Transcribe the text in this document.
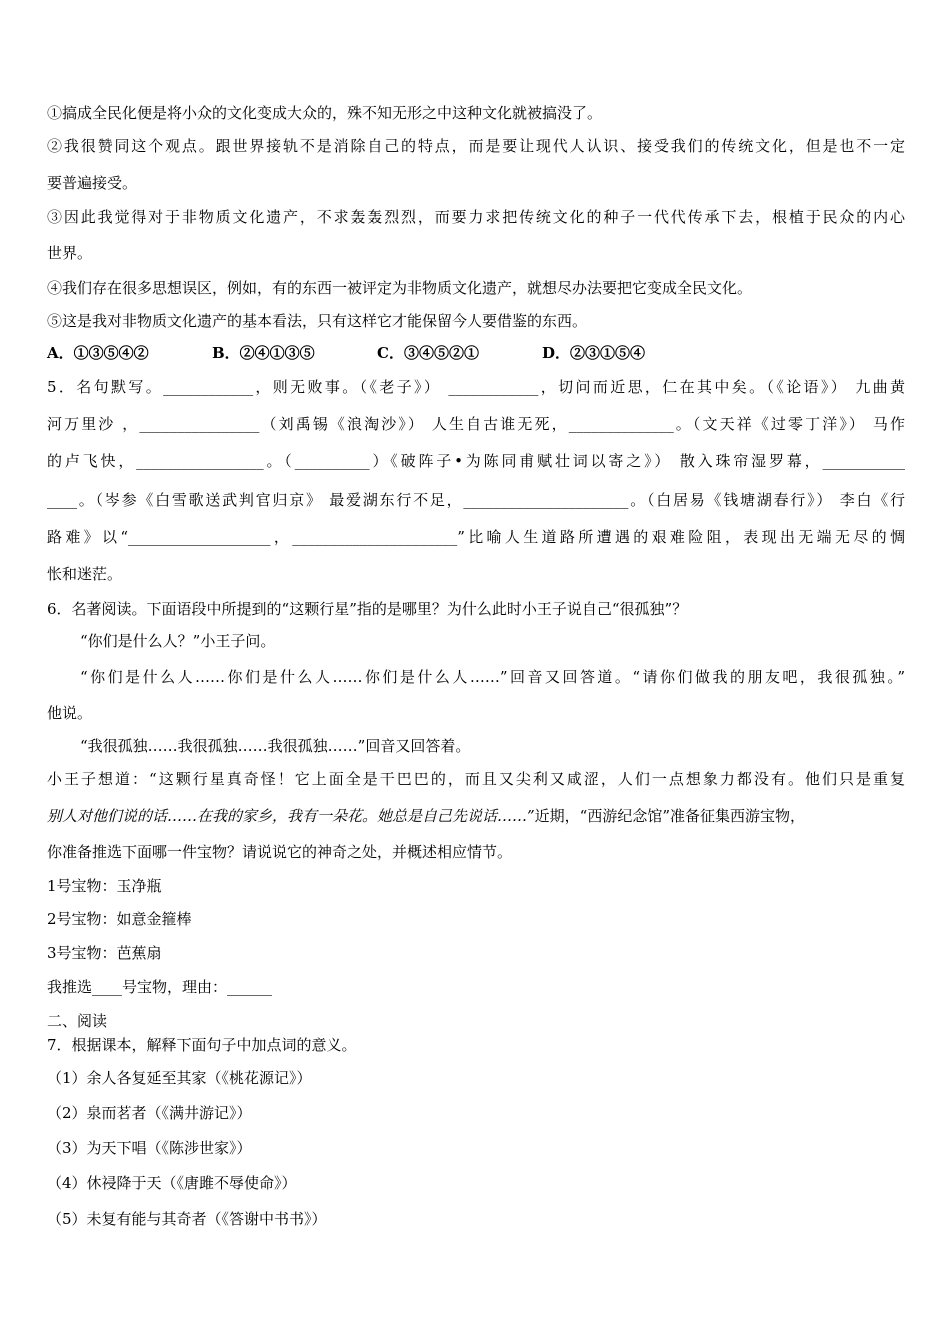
①搞成全民化便是将小众的文化变成大众的，殊不知无形之中这种文化就被搞没了。
②我很赞同这个观点。跟世界接轨不是消除自己的特点，而是要让现代人认识、接受我们的传统文化，但是也不一定
要普遍接受。
③因此我觉得对于非物质文化遗产，不求轰轰烈烈，而要力求把传统文化的种子一代代传承下去，根植于民众的内心
世界。
④我们存在很多思想误区，例如，有的东西一被评定为非物质文化遗产，就想尽办法要把它变成全民文化。
⑤这是我对非物质文化遗产的基本看法，只有这样它才能保留今人要借鉴的东西。
A．①③⑤④②	B．②④①③⑤	C．③④⑤②①	D．②③①⑤④
5．名句默写。____________，则无败事。（《老子》） ____________，切问而近思，仁在其中矣。（《论语》） 九曲黄
河万里沙 ，________________（刘禹锡《浪淘沙》） 人生自古谁无死，______________。（文天祥《过零丁洋》） 马作
的卢飞快，_________________。（__________）《破阵子•为陈同甫赋壮词以寄之》） 散入珠帘湿罗幕，___________
____。（岑参《白雪歌送武判官归京》 最爱湖东行不足，______________________。（白居易《钱塘湖春行》） 李白《行
路难》以“___________________，______________________”比喻人生道路所遭遇的艰难险阻，表现出无端无尽的惆
怅和迷茫。
6．名著阅读。下面语段中所提到的“这颗行星”指的是哪里？为什么此时小王子说自己“很孤独”？
“你们是什么人？”小王子问。
“你们是什么人……你们是什么人……你们是什么人……”回音又回答道。“请你们做我的朋友吧，我很孤独。”
他说。
“我很孤独……我很孤独……我很孤独……”回音又回答着。
小王子想道：“这颗行星真奇怪！它上面全是干巴巴的，而且又尖利又咸涩，人们一点想象力都没有。他们只是重复
别人对他们说的话……在我的家乡，我有一朵花。她总是自己先说话……”近期，“西游纪念馆”准备征集西游宝物，
你准备推选下面哪一件宝物？请说说它的神奇之处，并概述相应情节。
1号宝物：玉净瓶
2号宝物：如意金箍棒
3号宝物：芭蕉扇
我推选____号宝物，理由：______
二、阅读
7．根据课本，解释下面句子中加点词的意义。
（1）余人各复延至其家（《桃花源记》）
（2）泉而茗者（《满井游记》）
（3）为天下唱（《陈涉世家》）
（4）休祲降于天（《唐雎不辱使命》）
（5）未复有能与其奇者（《答谢中书书》）
